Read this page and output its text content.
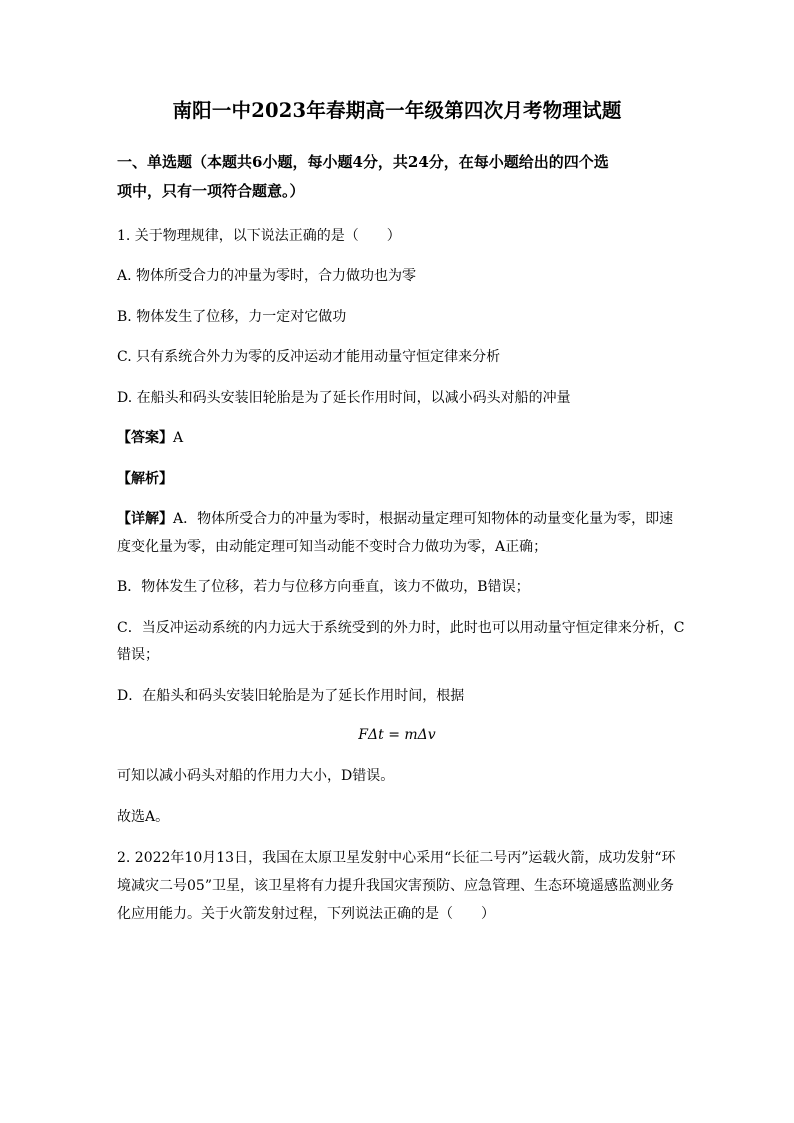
南阳一中2023年春期高一年级第四次月考物理试题
一、单选题（本题共6小题，每小题4分，共24分，在每小题给出的四个选
项中，只有一项符合题意。）
1. 关于物理规律，以下说法正确的是（　　）
A. 物体所受合力的冲量为零时，合力做功也为零
B. 物体发生了位移，力一定对它做功
C. 只有系统合外力为零的反冲运动才能用动量守恒定律来分析
D. 在船头和码头安装旧轮胎是为了延长作用时间，以减小码头对船的冲量
【答案】A
【解析】
【详解】A．物体所受合力的冲量为零时，根据动量定理可知物体的动量变化量为零，即速
度变化量为零，由动能定理可知当动能不变时合力做功为零，A正确；
B．物体发生了位移，若力与位移方向垂直，该力不做功，B错误；
C．当反冲运动系统的内力远大于系统受到的外力时，此时也可以用动量守恒定律来分析，C
错误；
D．在船头和码头安装旧轮胎是为了延长作用时间，根据
FΔt = mΔv
可知以减小码头对船的作用力大小，D错误。
故选A。
2. 2022年10月13日，我国在太原卫星发射中心采用“长征二号丙”运载火箭，成功发射“环
境减灾二号05”卫星，该卫星将有力提升我国灾害预防、应急管理、生态环境遥感监测业务
化应用能力。关于火箭发射过程，下列说法正确的是（　　）
